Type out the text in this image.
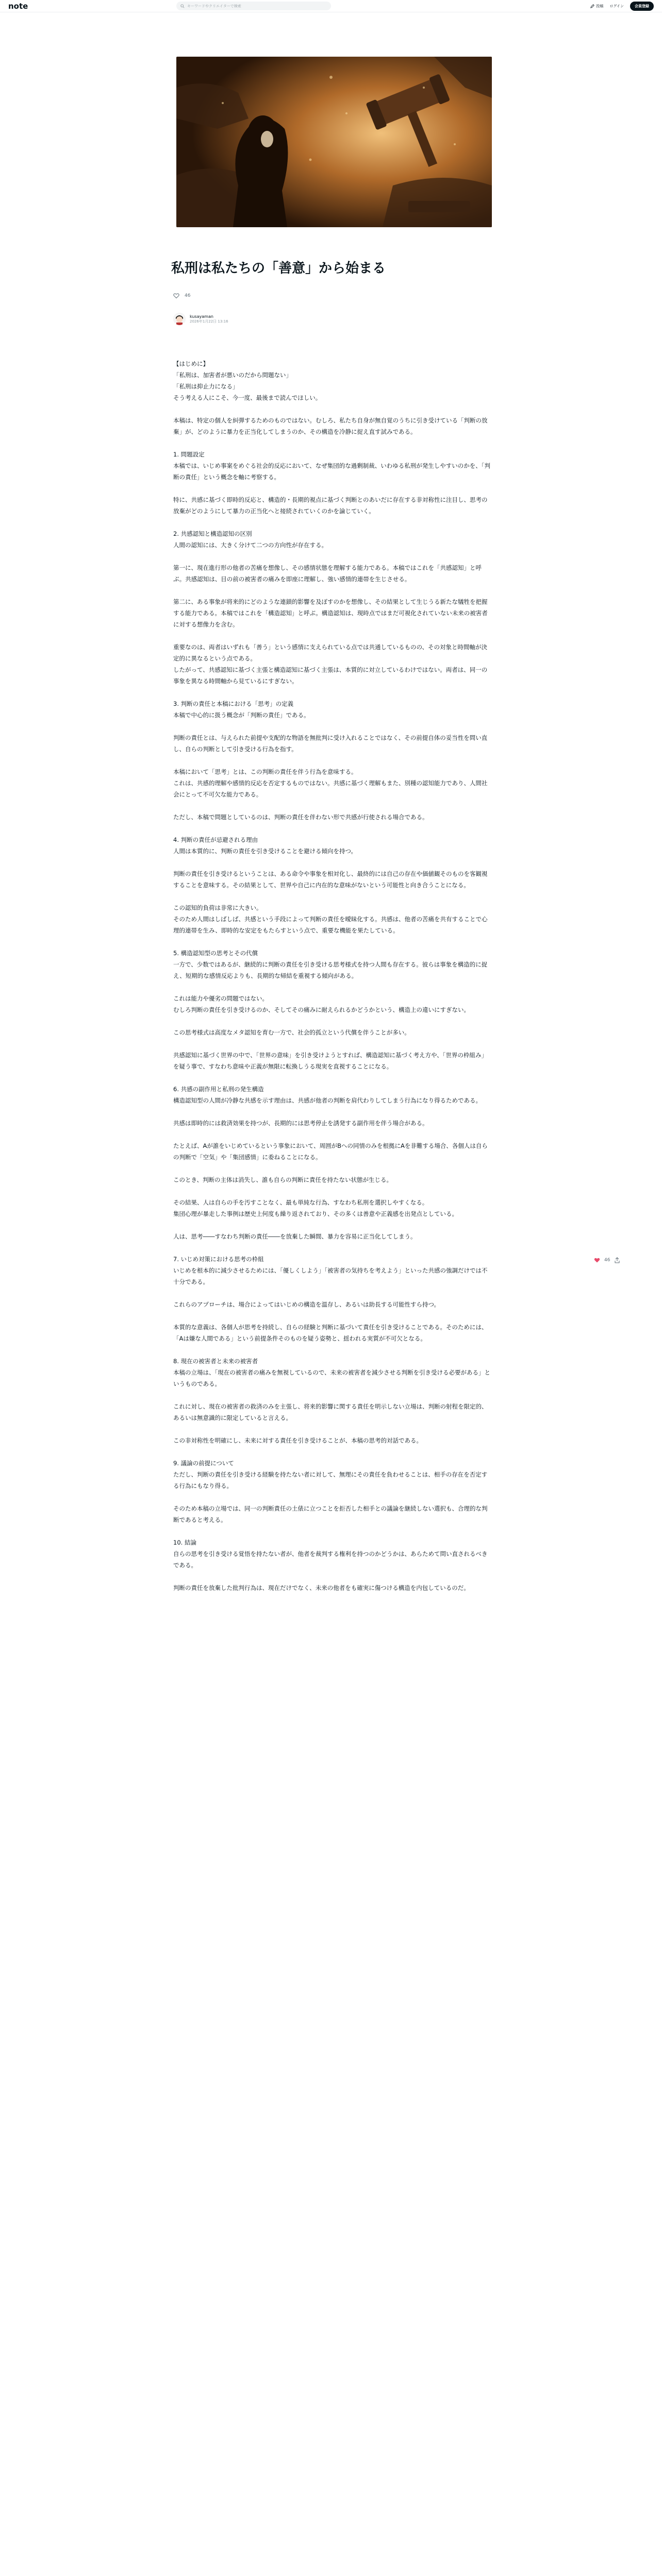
note	キーワードやクリエイターで検索	投稿 ログイン	会員登録
私刑は私たちの「善意」から始まる
46
kusayaman
2026年1月22日 13:16

【はじめに】
「私刑は、加害者が悪いのだから問題ない」
「私刑は抑止力になる」
そう考える人にこそ、今一度、最後まで読んでほしい。

本稿は、特定の個人を糾弾するためのものではない。むしろ、私たち自身が無自覚のうちに引き受けている「判断の放棄」が、どのように暴力を正当化してしまうのか、その構造を冷静に捉え直す試みである。

1. 問題設定
本稿では、いじめ事案をめぐる社会的反応において、なぜ集団的な過剰制裁、いわゆる私刑が発生しやすいのかを、「判断の責任」という概念を軸に考察する。

特に、共感に基づく即時的反応と、構造的・長期的視点に基づく判断とのあいだに存在する非対称性に注目し、思考の放棄がどのようにして暴力の正当化へと接続されていくのかを論じていく。

2. 共感認知と構造認知の区別
人間の認知には、大きく分けて二つの方向性が存在する。

第一に、現在進行形の他者の苦痛を想像し、その感情状態を理解する能力である。本稿ではこれを「共感認知」と呼ぶ。共感認知は、目の前の被害者の痛みを即座に理解し、強い感情的連帯を生じさせる。

第二に、ある事象が将来的にどのような連鎖的影響を及ぼすのかを想像し、その結果として生じうる新たな犠牲を把握する能力である。本稿ではこれを「構造認知」と呼ぶ。構造認知は、現時点ではまだ可視化されていない未来の被害者に対する想像力を含む。

重要なのは、両者はいずれも「善う」という感情に支えられている点では共通しているものの、その対象と時間軸が決定的に異なるという点である。
したがって、共感認知に基づく主張と構造認知に基づく主張は、本質的に対立しているわけではない。両者は、同一の事象を異なる時間軸から見ているにすぎない。

3. 判断の責任と本稿における「思考」の定義
本稿で中心的に扱う概念が「判断の責任」である。

判断の責任とは、与えられた前提や支配的な物語を無批判に受け入れることではなく、その前提自体の妥当性を問い直し、自らの判断として引き受ける行為を指す。

本稿において「思考」とは、この判断の責任を伴う行為を意味する。
これは、共感的理解や感情的反応を否定するものではない。共感に基づく理解もまた、別種の認知能力であり、人間社会にとって不可欠な能力である。

ただし、本稿で問題としているのは、判断の責任を伴わない形で共感が行使される場合である。

4. 判断の責任が忌避される理由
人間は本質的に、判断の責任を引き受けることを避ける傾向を持つ。

判断の責任を引き受けるということは、ある命令や事象を相対化し、最終的には自己の存在や価値観そのものを客観視することを意味する。その結果として、世界や自己に内在的な意味がないという可能性と向き合うことになる。

この認知的負荷は非常に大きい。
そのため人間はしばしば、共感という手段によって判断の責任を曖昧化する。共感は、他者の苦痛を共有することで心理的連帯を生み、即時的な安定をもたらすという点で、重要な機能を果たしている。

5. 構造認知型の思考とその代償
一方で、少数ではあるが、継続的に判断の責任を引き受ける思考様式を持つ人間も存在する。彼らは事象を構造的に捉え、短期的な感情反応よりも、長期的な帰結を重視する傾向がある。

これは能力や優劣の問題ではない。
むしろ判断の責任を引き受けるのか、そしてその痛みに耐えられるかどうかという、構造上の違いにすぎない。

この思考様式は高度なメタ認知を育む一方で、社会的孤立という代償を伴うことが多い。

共感認知に基づく世界の中で、「世界の意味」を引き受けようとすれば、構造認知に基づく考え方や、「世界の枠組み」を疑う事で、すなわち意味や正義が無限に転換しうる現実を直視することになる。

6. 共感の副作用と私刑の発生構造
構造認知型の人間が冷静な共感を示す理由は、共感が他者の判断を肩代わりしてしまう行為になり得るためである。

共感は即時的には救済効果を持つが、長期的には思考停止を誘発する副作用を伴う場合がある。

たとえば、Aが誰をいじめているという事象において、周囲がBへの同情のみを根拠にAを非難する場合、各個人は自らの判断で「空気」や「集団感情」に委ねることになる。

このとき、判断の主体は消失し、誰も自らの判断に責任を持たない状態が生じる。

その結果、人は自らの手を汚すことなく、最も単純な行為、すなわち私刑を選択しやすくなる。
集団心理が暴走した事例は歴史上何度も繰り返されており、その多くは善意や正義感を出発点としている。

人は、思考――すなわち判断の責任――を放棄した瞬間、暴力を容易に正当化してしまう。

7. いじめ対策における思考の枠組
いじめを根本的に減少させるためには、「優しくしよう」「被害者の気持ちを考えよう」といった共感の強調だけでは不十分である。

これらのアプローチは、場合によってはいじめの構造を温存し、あるいは助長する可能性すら持つ。

本質的な意義は、各個人が思考を持続し、自らの経験と判断に基づいて責任を引き受けることである。そのためには、「Aは嫌な人間である」という前提条件そのものを疑う姿勢と、揺われる実質が不可欠となる。

8. 現在の被害者と未来の被害者
本稿の立場は、「現在の被害者の痛みを無視しているので、未来の被害者を減少させる判断を引き受ける必要がある」というものである。

これに対し、現在の被害者の救済のみを主張し、将来的影響に関する責任を明示しない立場は、判断の射程を限定的、あるいは無意識的に限定していると言える。

この非対称性を明確にし、未来に対する責任を引き受けることが、本稿の思考的対話である。

9. 議論の前提について
ただし、判断の責任を引き受ける経験を持たない者に対して、無理にその責任を負わせることは、相手の存在を否定する行為にもなり得る。

そのため本稿の立場では、同一の判断責任の土俵に立つことを拒否した相手との議論を継続しない選択も、合理的な判断であると考える。

10. 結論
自らの思考を引き受ける覚悟を持たない者が、他者を裁判する権利を持つのかどうかは、あらためて問い直されるべきである。

判断の責任を放棄した批判行為は、現在だけでなく、未来の他者をも確実に傷つける構造を内包しているのだ。

46
